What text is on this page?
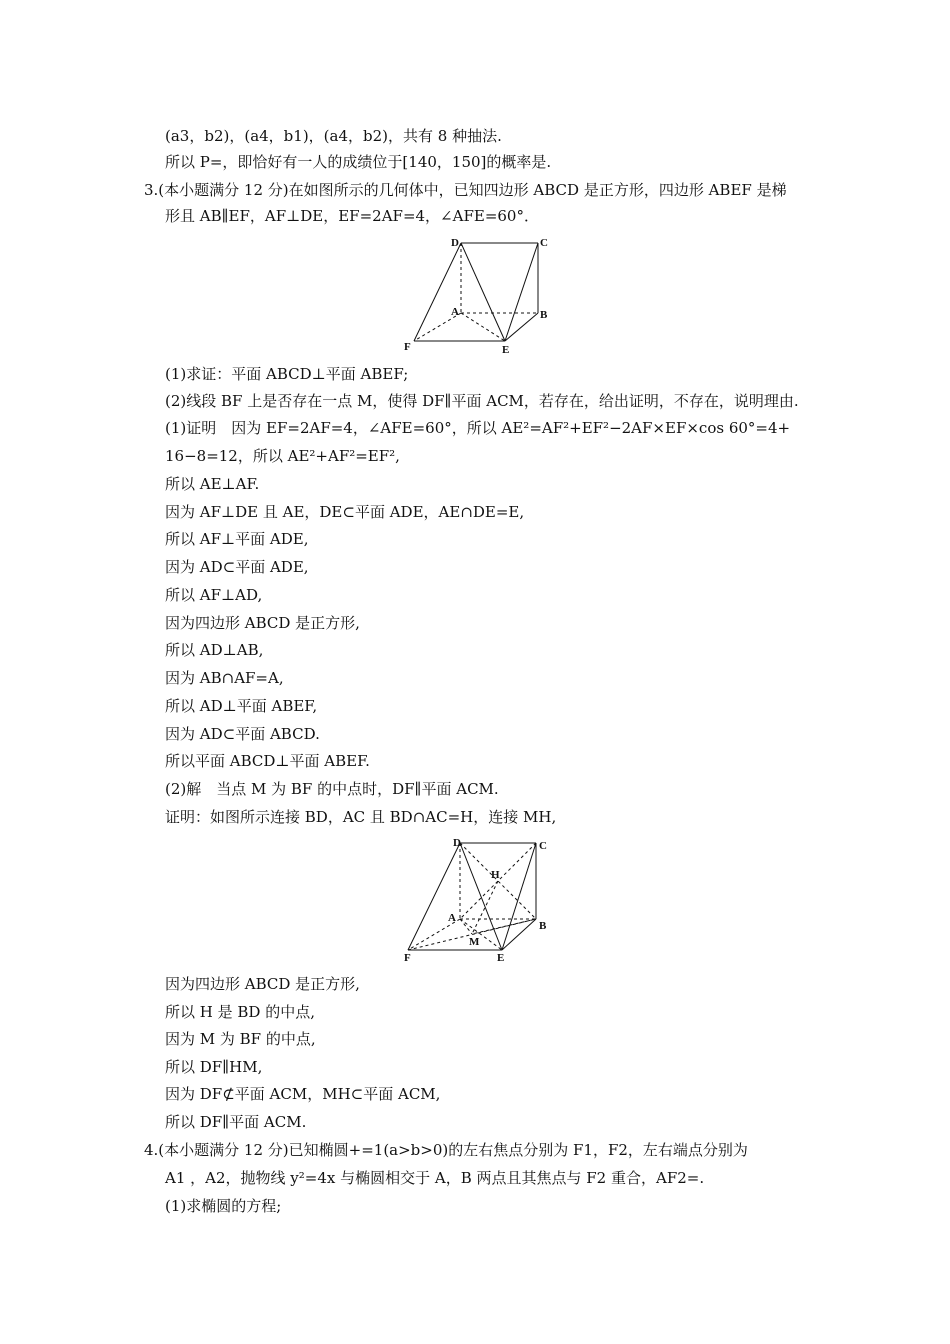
(a3，b2)，(a4，b1)，(a4，b2)，共有 8 种抽法.
所以 P=，即恰好有一人的成绩位于[140，150]的概率是.
3.(本小题满分 12 分)在如图所示的几何体中，已知四边形 ABCD 是正方形，四边形 ABEF 是梯
形且 AB∥EF，AF⊥DE，EF=2AF=4，∠AFE=60°．
D	C
A	B
F	E
(1)求证：平面 ABCD⊥平面 ABEF;
(2)线段 BF 上是否存在一点 M，使得 DF∥平面 ACM，若存在，给出证明，不存在，说明理由.
(1)证明　因为 EF=2AF=4，∠AFE=60°，所以 AE²=AF²+EF²−2AF×EF×cos 60°=4+
16−8=12，所以 AE²+AF²=EF²,
所以 AE⊥AF.
因为 AF⊥DE 且 AE，DE⊂平面 ADE，AE∩DE=E,
所以 AF⊥平面 ADE,
因为 AD⊂平面 ADE,
所以 AF⊥AD,
因为四边形 ABCD 是正方形,
所以 AD⊥AB,
因为 AB∩AF=A,
所以 AD⊥平面 ABEF,
因为 AD⊂平面 ABCD.
所以平面 ABCD⊥平面 ABEF.
(2)解　当点 M 为 BF 的中点时，DF∥平面 ACM.
证明：如图所示连接 BD，AC 且 BD∩AC=H，连接 MH,
D	C
H
A
B
M
F	E
因为四边形 ABCD 是正方形,
所以 H 是 BD 的中点,
因为 M 为 BF 的中点,
所以 DF∥HM,
因为 DF⊄平面 ACM，MH⊂平面 ACM,
所以 DF∥平面 ACM.
4.(本小题满分 12 分)已知椭圆+=1(a>b>0)的左右焦点分别为 F1，F2，左右端点分别为
A1 ，A2，抛物线 y²=4x 与椭圆相交于 A，B 两点且其焦点与 F2 重合，AF2=.
(1)求椭圆的方程;
